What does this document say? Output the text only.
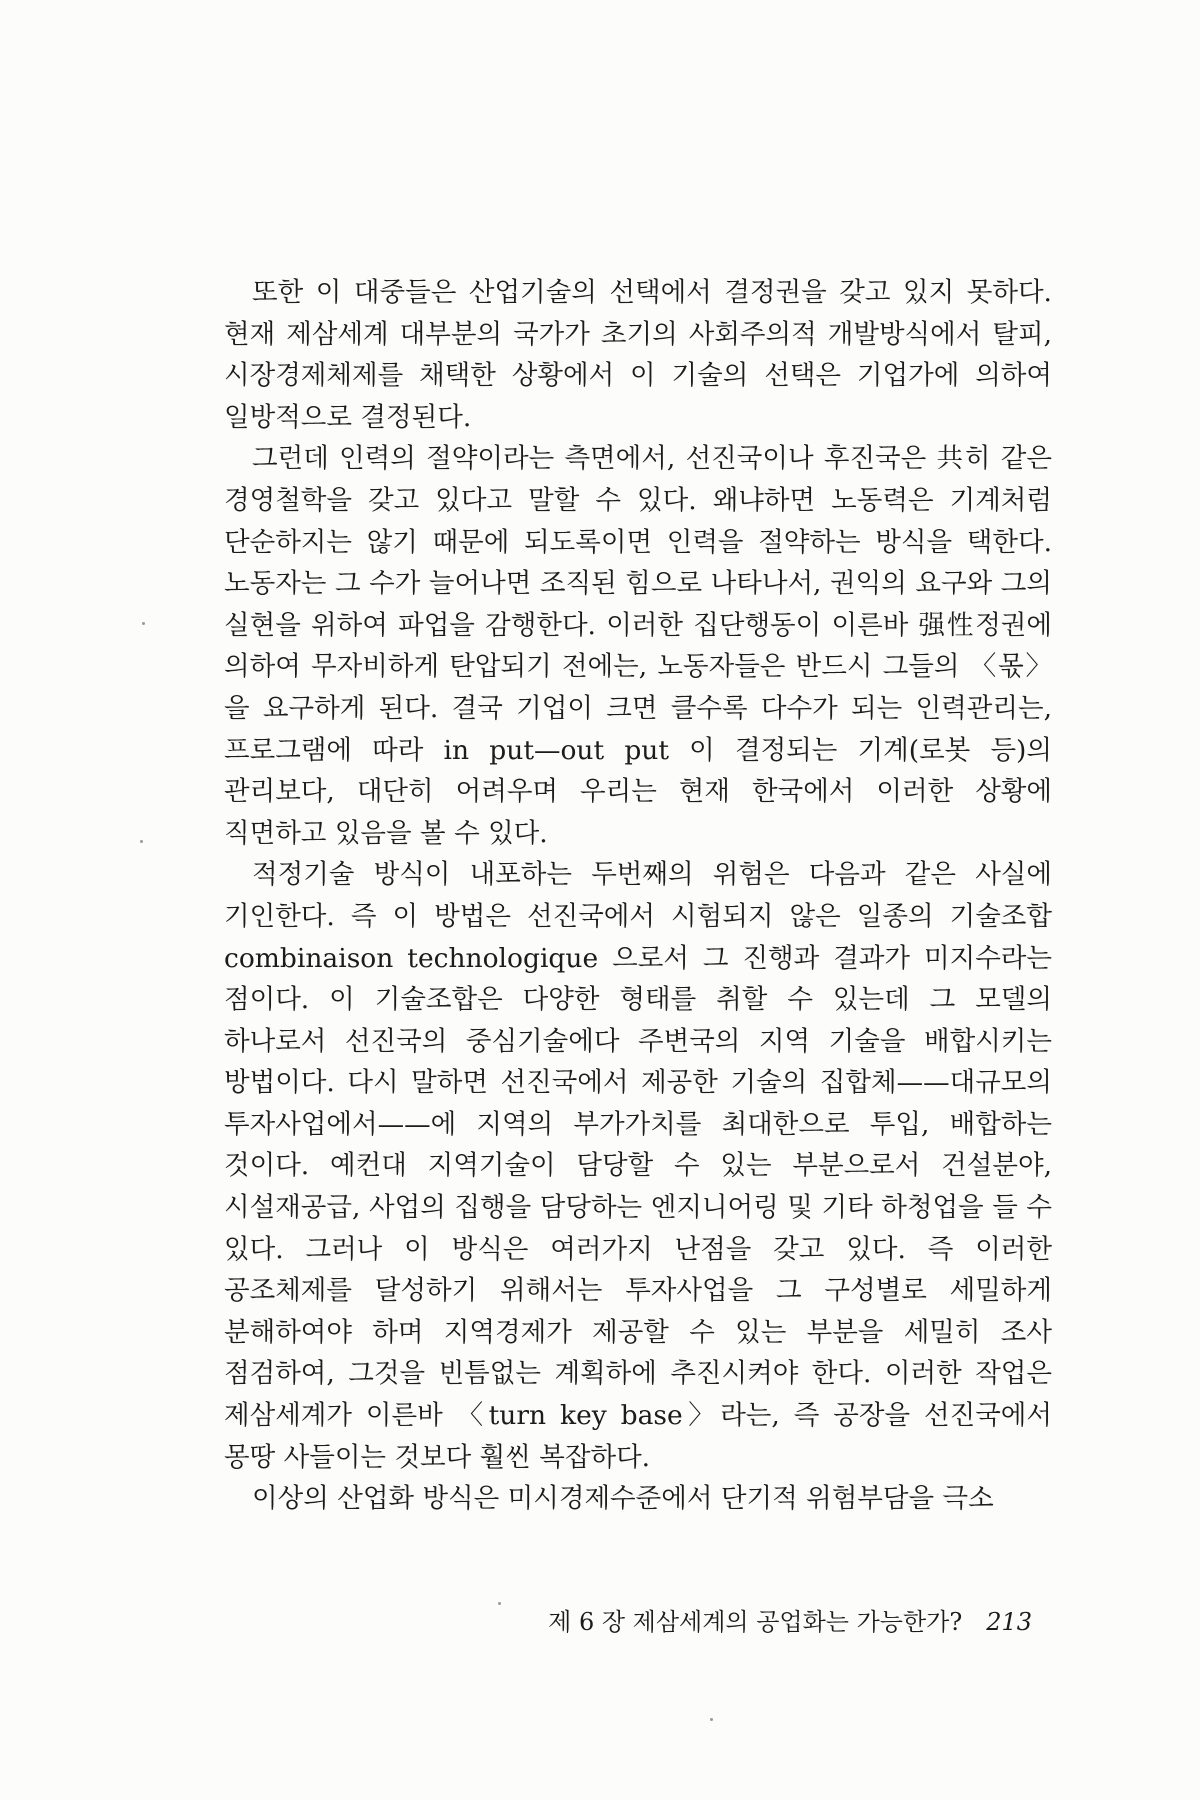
또한 이 대중들은 산업기술의 선택에서 결정권을 갖고 있지 못하다. 현재 제삼세계 대부분의 국가가 초기의 사회주의적 개발방식에서 탈피, 시장경제체제를 채택한 상황에서 이 기술의 선택은 기업가에 의하여 일방적으로 결정된다.

그런데 인력의 절약이라는 측면에서, 선진국이나 후진국은 共히 같은 경영철학을 갖고 있다고 말할 수 있다. 왜냐하면 노동력은 기계처럼 단순하지는 않기 때문에 되도록이면 인력을 절약하는 방식을 택한다. 노동자는 그 수가 늘어나면 조직된 힘으로 나타나서, 권익의 요구와 그의 실현을 위하여 파업을 감행한다. 이러한 집단행동이 이른바 强性정권에 의하여 무자비하게 탄압되기 전에는, 노동자들은 반드시 그들의 〈몫〉을 요구하게 된다. 결국 기업이 크면 클수록 다수가 되는 인력관리는, 프로그램에 따라 in put—out put 이 결정되는 기계(로봇 등)의 관리보다, 대단히 어려우며 우리는 현재 한국에서 이러한 상황에 직면하고 있음을 볼 수 있다.

적정기술 방식이 내포하는 두번째의 위험은 다음과 같은 사실에 기인한다. 즉 이 방법은 선진국에서 시험되지 않은 일종의 기술조합 combinaison technologique 으로서 그 진행과 결과가 미지수라는 점이다. 이 기술조합은 다양한 형태를 취할 수 있는데 그 모델의 하나로서 선진국의 중심기술에다 주변국의 지역 기술을 배합시키는 방법이다. 다시 말하면 선진국에서 제공한 기술의 집합체——대규모의 투자사업에서——에 지역의 부가가치를 최대한으로 투입, 배합하는 것이다. 예컨대 지역기술이 담당할 수 있는 부분으로서 건설분야, 시설재공급, 사업의 집행을 담당하는 엔지니어링 및 기타 하청업을 들 수 있다. 그러나 이 방식은 여러가지 난점을 갖고 있다. 즉 이러한 공조체제를 달성하기 위해서는 투자사업을 그 구성별로 세밀하게 분해하여야 하며 지역경제가 제공할 수 있는 부분을 세밀히 조사 점검하여, 그것을 빈틈없는 계획하에 추진시켜야 한다. 이러한 작업은 제삼세계가 이른바 〈turn key base〉라는, 즉 공장을 선진국에서 몽땅 사들이는 것보다 훨씬 복잡하다.

이상의 산업화 방식은 미시경제수준에서 단기적 위험부담을 극소

제 6 장 제삼세계의 공업화는 가능한가? 213
